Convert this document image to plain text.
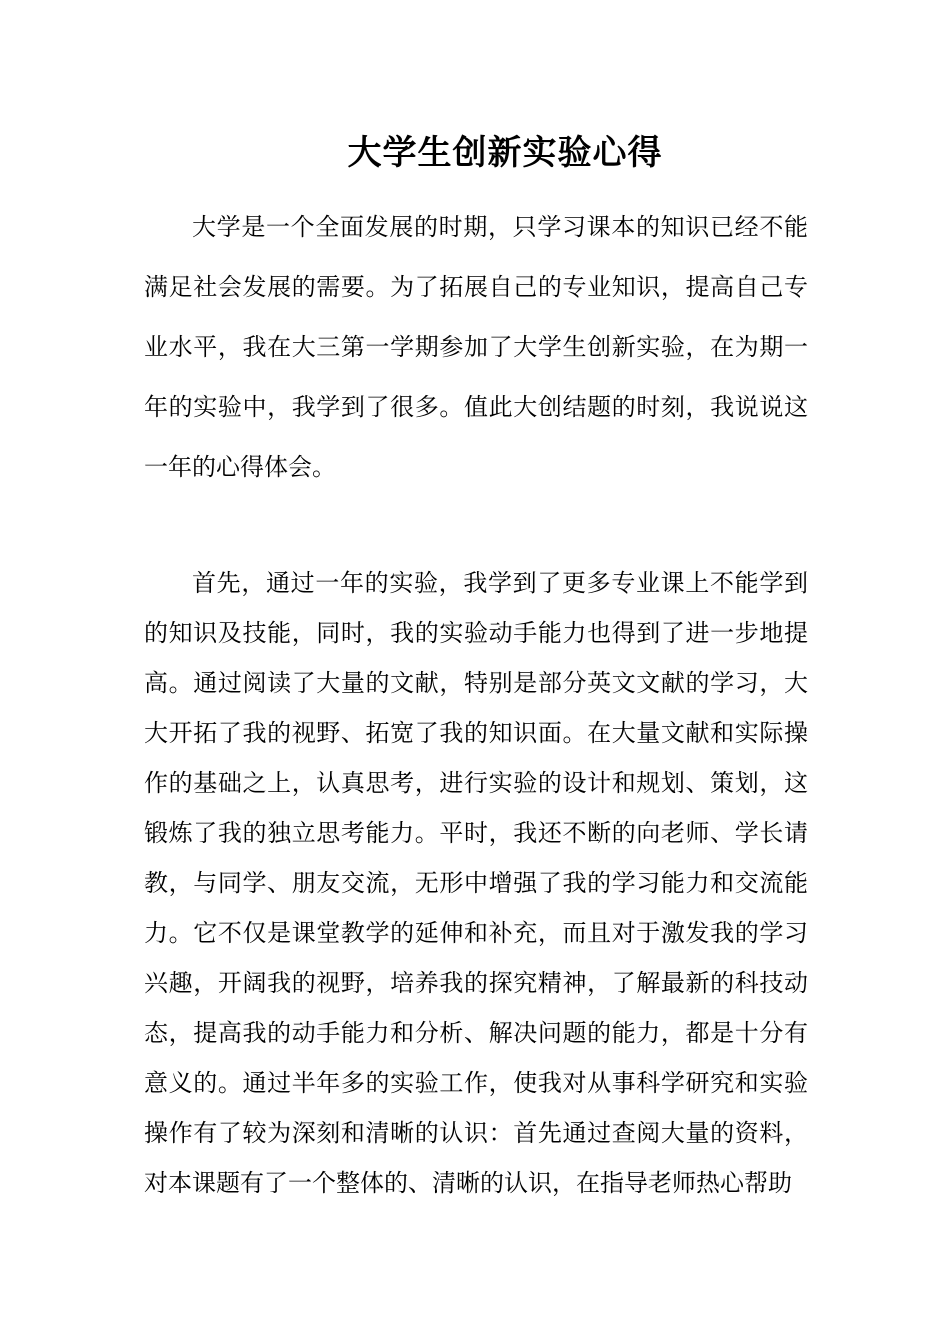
大学生创新实验心得

大学是一个全面发展的时期，只学习课本的知识已经不能满足社会发展的需要。为了拓展自己的专业知识，提高自己专业水平，我在大三第一学期参加了大学生创新实验，在为期一年的实验中，我学到了很多。值此大创结题的时刻，我说说这一年的心得体会。

首先，通过一年的实验，我学到了更多专业课上不能学到的知识及技能，同时，我的实验动手能力也得到了进一步地提高。通过阅读了大量的文献，特别是部分英文文献的学习，大大开拓了我的视野、拓宽了我的知识面。在大量文献和实际操作的基础之上，认真思考，进行实验的设计和规划、策划，这锻炼了我的独立思考能力。平时，我还不断的向老师、学长请教，与同学、朋友交流，无形中增强了我的学习能力和交流能力。它不仅是课堂教学的延伸和补充，而且对于激发我的学习兴趣，开阔我的视野，培养我的探究精神，了解最新的科技动态，提高我的动手能力和分析、解决问题的能力，都是十分有意义的。通过半年多的实验工作，使我对从事科学研究和实验操作有了较为深刻和清晰的认识：首先通过查阅大量的资料，对本课题有了一个整体的、清晰的认识，在指导老师热心帮助
